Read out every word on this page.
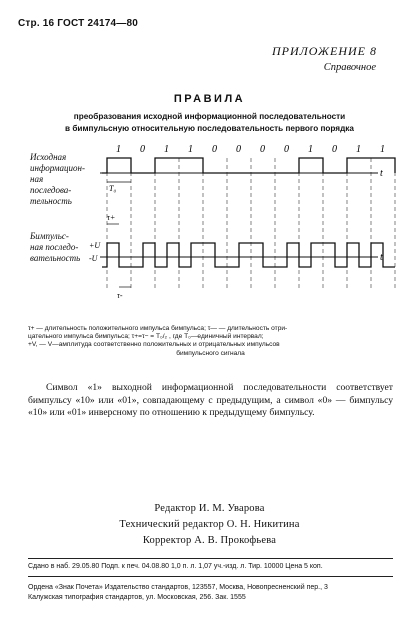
Стр. 16 ГОСТ 24174—80
ПРИЛОЖЕНИЕ 8
Справочное
ПРАВИЛА
преобразования исходной информационной последовательности
в бимпульсную относительную последовательность первого порядка
Исходная
информацион-
ная
последова-
тельность
Бимпульс-
ная последо-
вательность
1 0 1 1 0 0 0 0 1 0 1 1
t
t
T₀
τ+
τ-
+U
-U
τ+ — длительность положительного импульса бимпульса; τ— — длительность отри-
цательного импульса бимпульса; τ+=τ− = T₀/₂ , где T₀—единичный интервал;
+V, — V—амплитуда соответственно положительных и отрицательных импульсов
бимпульсного сигнала
Символ «1» выходной информационной последовательности соответствует бимпульсу «10» или «01», совпадающему с предыдущим, а символ «0» — бимпульсу «10» или «01» инверсному по отношению к предыдущему бимпульсу.
Редактор И. М. Уварова
Технический редактор О. Н. Никитина
Корректор А. В. Прокофьева
Сдано в наб. 29.05.80 Подп. к печ. 04.08.80 1,0 п. л. 1,07 уч.-изд. л. Тир. 10000 Цена 5 коп.
Ордена «Знак Почета» Издательство стандартов, 123557, Москва, Новопресненский пер., 3
Калужская типография стандартов, ул. Московская, 256. Зак. 1555
